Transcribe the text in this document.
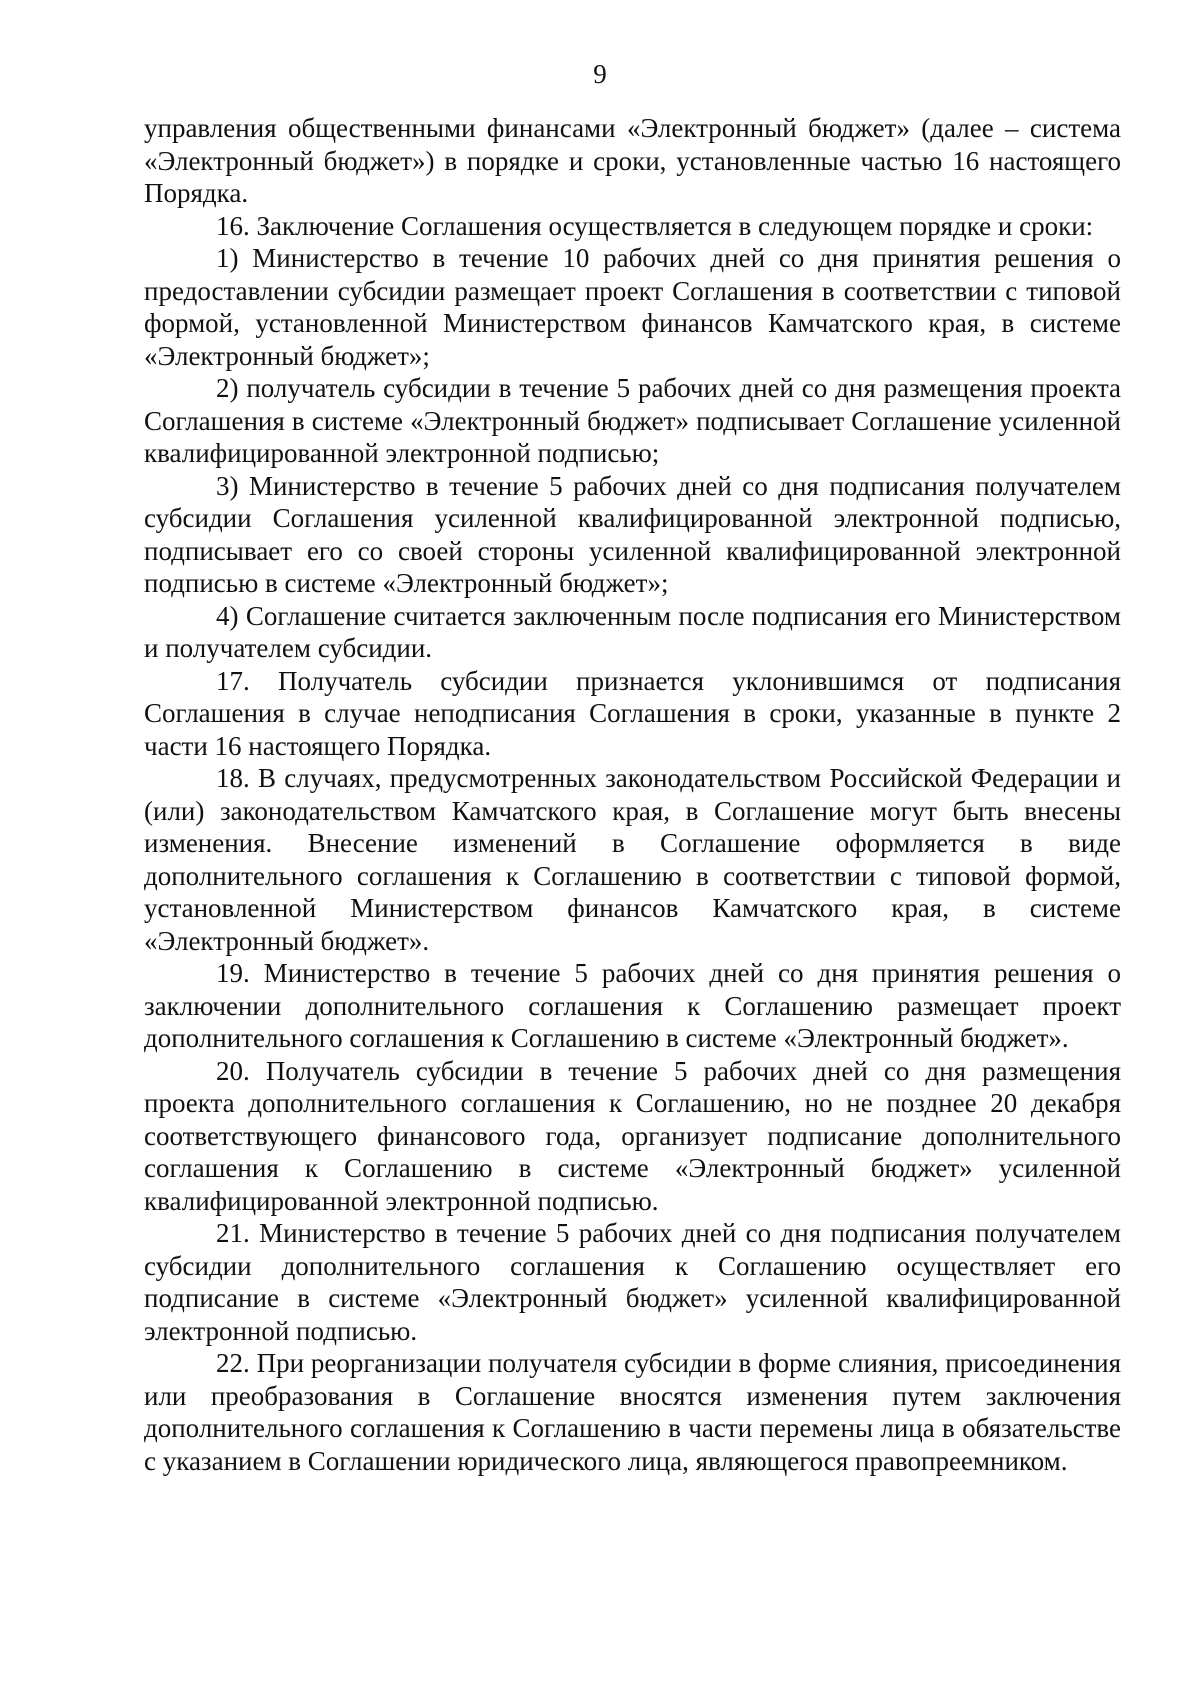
9

управления общественными финансами «Электронный бюджет» (далее – система «Электронный бюджет») в порядке и сроки, установленные частью 16 настоящего Порядка.

16. Заключение Соглашения осуществляется в следующем порядке и сроки:

1) Министерство в течение 10 рабочих дней со дня принятия решения о предоставлении субсидии размещает проект Соглашения в соответствии с типовой формой, установленной Министерством финансов Камчатского края, в системе «Электронный бюджет»;

2) получатель субсидии в течение 5 рабочих дней со дня размещения проекта Соглашения в системе «Электронный бюджет» подписывает Соглашение усиленной квалифицированной электронной подписью;

3) Министерство в течение 5 рабочих дней со дня подписания получателем субсидии Соглашения усиленной квалифицированной электронной подписью, подписывает его со своей стороны усиленной квалифицированной электронной подписью в системе «Электронный бюджет»;

4) Соглашение считается заключенным после подписания его Министерством и получателем субсидии.

17. Получатель субсидии признается уклонившимся от подписания Соглашения в случае неподписания Соглашения в сроки, указанные в пункте 2 части 16 настоящего Порядка.

18. В случаях, предусмотренных законодательством Российской Федерации и (или) законодательством Камчатского края, в Соглашение могут быть внесены изменения. Внесение изменений в Соглашение оформляется в виде дополнительного соглашения к Соглашению в соответствии с типовой формой, установленной Министерством финансов Камчатского края, в системе «Электронный бюджет».

19. Министерство в течение 5 рабочих дней со дня принятия решения о заключении дополнительного соглашения к Соглашению размещает проект дополнительного соглашения к Соглашению в системе «Электронный бюджет».

20. Получатель субсидии в течение 5 рабочих дней со дня размещения проекта дополнительного соглашения к Соглашению, но не позднее 20 декабря соответствующего финансового года, организует подписание дополнительного соглашения к Соглашению в системе «Электронный бюджет» усиленной квалифицированной электронной подписью.

21. Министерство в течение 5 рабочих дней со дня подписания получателем субсидии дополнительного соглашения к Соглашению осуществляет его подписание в системе «Электронный бюджет» усиленной квалифицированной электронной подписью.

22. При реорганизации получателя субсидии в форме слияния, присоединения или преобразования в Соглашение вносятся изменения путем заключения дополнительного соглашения к Соглашению в части перемены лица в обязательстве с указанием в Соглашении юридического лица, являющегося правопреемником.
